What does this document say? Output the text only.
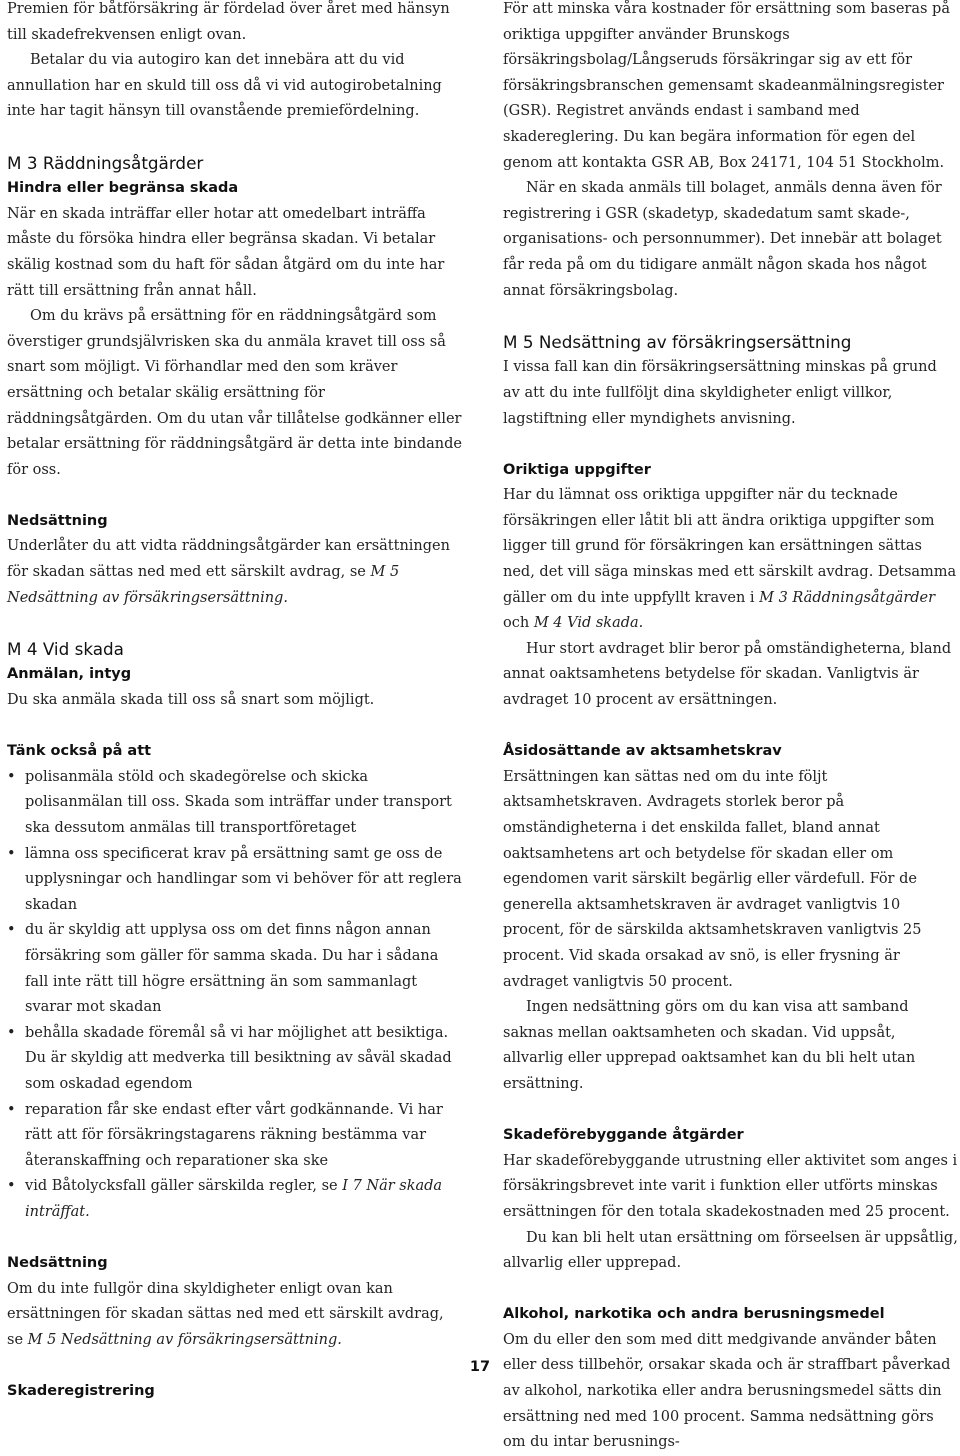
Premien för båtförsäkring är fördelad över året med hänsyn till skadefrekvensen enligt ovan.

Betalar du via autogiro kan det innebära att du vid annullation har en skuld till oss då vi vid autogirobetalning inte har tagit hänsyn till ovanstående premiefördelning.

M 3 Räddningsåtgärder
Hindra eller begränsa skada

När en skada inträffar eller hotar att omedelbart inträffa måste du försöka hindra eller begränsa skadan. Vi betalar skälig kostnad som du haft för sådan åtgärd om du inte har rätt till ersättning från annat håll.

Om du krävs på ersättning för en räddningsåtgärd som överstiger grundsjälvrisken ska du anmäla kravet till oss så snart som möjligt. Vi förhandlar med den som kräver ersättning och betalar skälig ersättning för räddningsåtgärden. Om du utan vår tillåtelse godkänner eller betalar ersättning för räddningsåtgärd är detta inte bindande för oss.

Nedsättning

Underlåter du att vidta räddningsåtgärder kan ersättningen för skadan sättas ned med ett särskilt avdrag, se M 5 Nedsättning av försäkringsersättning.

M 4 Vid skada
Anmälan, intyg

Du ska anmäla skada till oss så snart som möjligt.

Tänk också på att
• polisanmäla stöld och skadegörelse och skicka polisanmälan till oss. Skada som inträffar under transport ska dessutom anmälas till transportföretaget
• lämna oss specificerat krav på ersättning samt ge oss de upplysningar och handlingar som vi behöver för att reglera skadan
• du är skyldig att upplysa oss om det finns någon annan försäkring som gäller för samma skada. Du har i sådana fall inte rätt till högre ersättning än som sammanlagt svarar mot skadan
• behålla skadade föremål så vi har möjlighet att besiktiga. Du är skyldig att medverka till besiktning av såväl skadad som oskadad egendom
• reparation får ske endast efter vårt godkännande. Vi har rätt att för försäkringstagarens räkning bestämma var återanskaffning och reparationer ska ske
• vid Båtolycksfall gäller särskilda regler, se I 7 När skada inträffat.
Nedsättning

Om du inte fullgör dina skyldigheter enligt ovan kan ersättningen för skadan sättas ned med ett särskilt avdrag, se M 5 Nedsättning av försäkringsersättning.

Skaderegistrering

För att minska våra kostnader för ersättning som baseras på oriktiga uppgifter använder Brunskogs försäkringsbolag/Långseruds försäkringar sig av ett för försäkringsbranschen gemensamt skadeanmälningsregister (GSR). Registret används endast i samband med skadereglering. Du kan begära information för egen del genom att kontakta GSR AB, Box 24171, 104 51 Stockholm.

När en skada anmäls till bolaget, anmäls denna även för registrering i GSR (skadetyp, skadedatum samt skade-, organisations- och personnummer). Det innebär att bolaget får reda på om du tidigare anmält någon skada hos något annat försäkringsbolag.

M 5 Nedsättning av försäkringsersättning

I vissa fall kan din försäkringsersättning minskas på grund av att du inte fullföljt dina skyldigheter enligt villkor, lagstiftning eller myndighets anvisning.

Oriktiga uppgifter

Har du lämnat oss oriktiga uppgifter när du tecknade försäkringen eller låtit bli att ändra oriktiga uppgifter som ligger till grund för försäkringen kan ersättningen sättas ned, det vill säga minskas med ett särskilt avdrag. Detsamma gäller om du inte uppfyllt kraven i M 3 Räddningsåtgärder och M 4 Vid skada.

Hur stort avdraget blir beror på omständigheterna, bland annat oaktsamhetens betydelse för skadan. Vanligtvis är avdraget 10 procent av ersättningen.

Åsidosättande av aktsamhetskrav

Ersättningen kan sättas ned om du inte följt aktsamhetskraven. Avdragets storlek beror på omständigheterna i det enskilda fallet, bland annat oaktsamhetens art och betydelse för skadan eller om egendomen varit särskilt begärlig eller värdefull. För de generella aktsamhetskraven är avdraget vanligtvis 10 procent, för de särskilda aktsamhetskraven vanligtvis 25 procent. Vid skada orsakad av snö, is eller frysning är avdraget vanligtvis 50 procent.

Ingen nedsättning görs om du kan visa att samband saknas mellan oaktsamheten och skadan. Vid uppsåt, allvarlig eller upprepad oaktsamhet kan du bli helt utan ersättning.

Skadeförebyggande åtgärder

Har skadeförebyggande utrustning eller aktivitet som anges i försäkringsbrevet inte varit i funktion eller utförts minskas ersättningen för den totala skadekostnaden med 25 procent.

Du kan bli helt utan ersättning om förseelsen är uppsåtlig, allvarlig eller upprepad.

Alkohol, narkotika och andra berusningsmedel

Om du eller den som med ditt medgivande använder båten eller dess tillbehör, orsakar skada och är straffbart påverkad av alkohol, narkotika eller andra berusningsmedel sätts din ersättning ned med 100 procent. Samma nedsättning görs om du intar berusnings-

17
